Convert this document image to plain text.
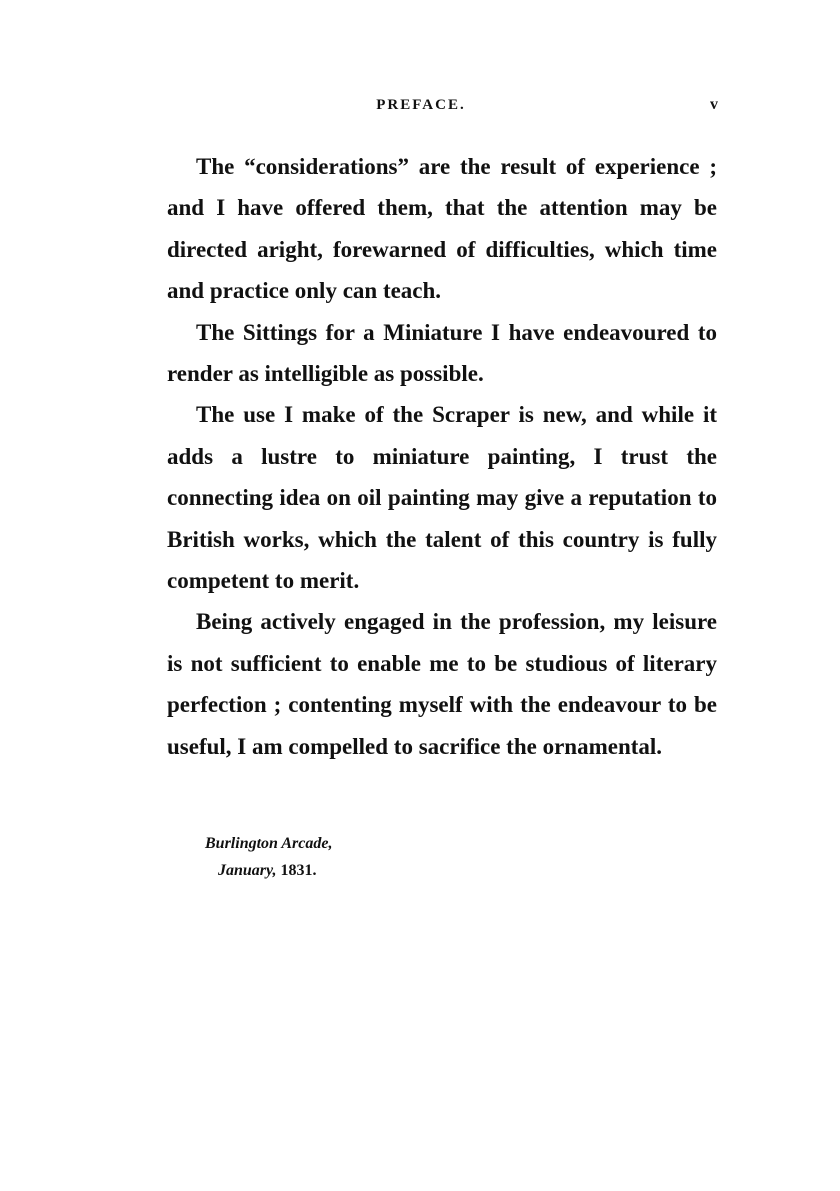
PREFACE.	v

The “considerations” are the result of experience ; and I have offered them, that the attention may be directed aright, forewarned of difficulties, which time and practice only can teach.

The Sittings for a Miniature I have endeavoured to render as intelligible as possible.

The use I make of the Scraper is new, and while it adds a lustre to miniature painting, I trust the connecting idea on oil painting may give a reputation to British works, which the talent of this country is fully competent to merit.

Being actively engaged in the profession, my leisure is not sufficient to enable me to be studious of literary perfection ; contenting myself with the endeavour to be useful, I am compelled to sacrifice the ornamental.

Burlington Arcade,
January, 1831.
